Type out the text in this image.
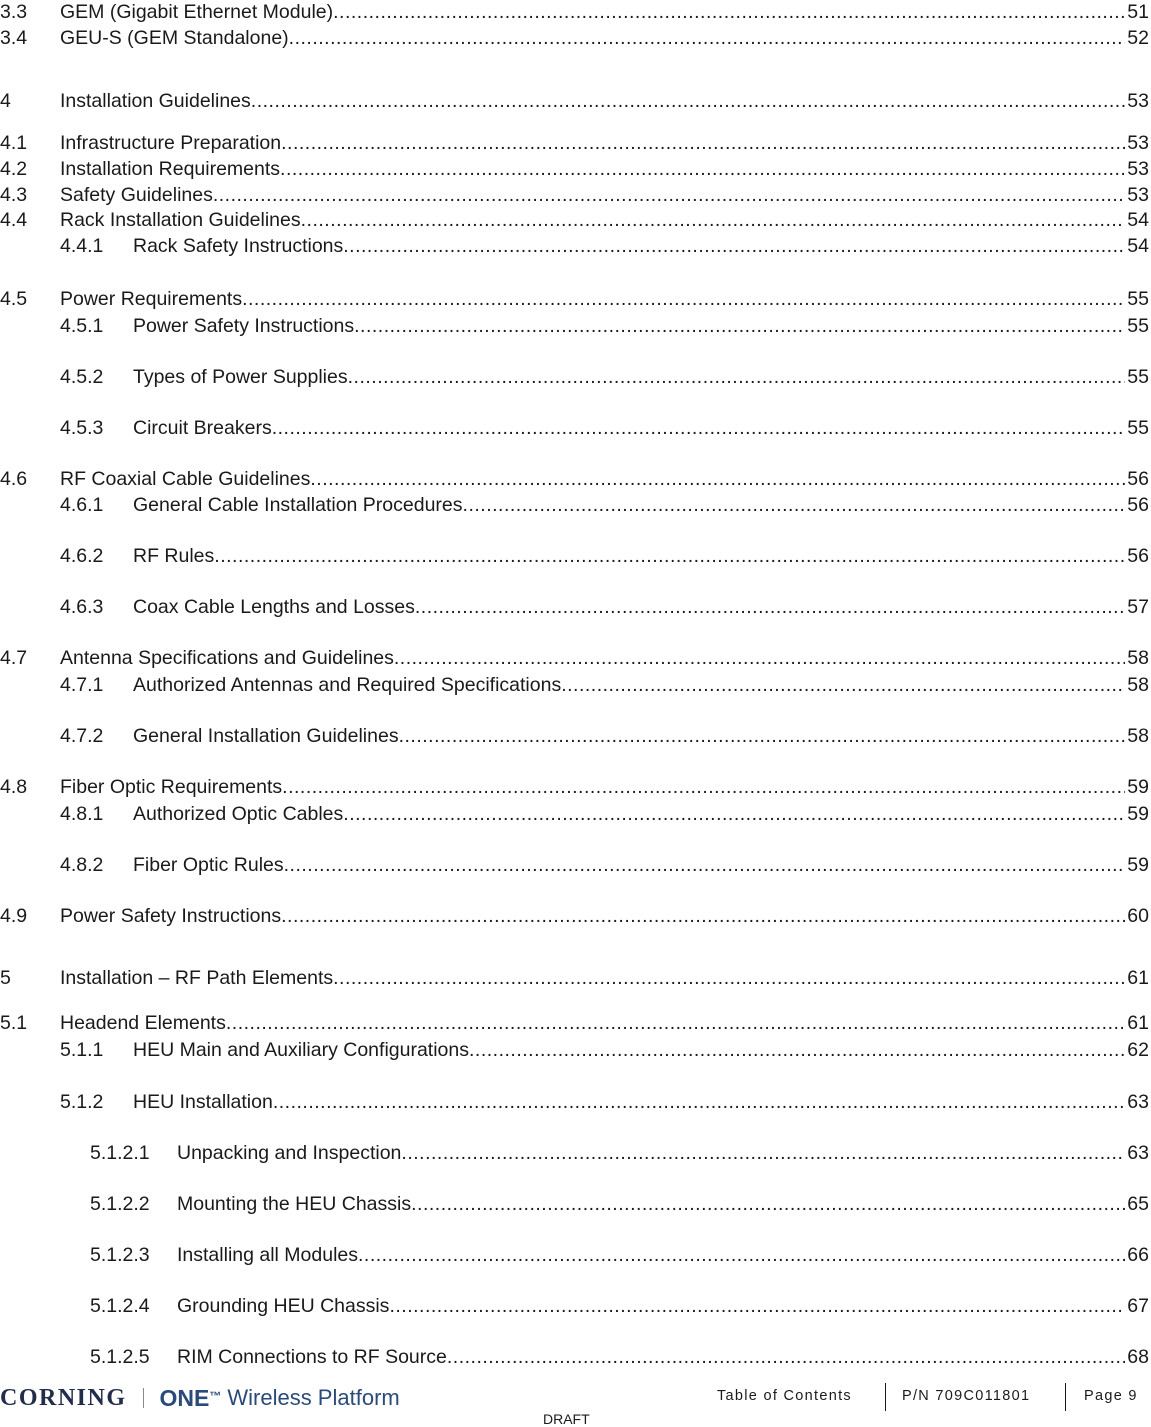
3.3 GEM (Gigabit Ethernet Module) .....	51
3.4 GEU-S (GEM Standalone) .....	52
4	Installation Guidelines .....	53
4.1 Infrastructure Preparation .....	53
4.2 Installation Requirements .....	53
4.3 Safety Guidelines .....	53
4.4 Rack Installation Guidelines .....	54
4.4.1 Rack Safety Instructions .....	54
4.5 Power Requirements .....	55
4.5.1 Power Safety Instructions .....	55
4.5.2 Types of Power Supplies .....	55
4.5.3 Circuit Breakers .....	55
4.6 RF Coaxial Cable Guidelines .....	56
4.6.1 General Cable Installation Procedures .....	56
4.6.2 RF Rules .....	56
4.6.3 Coax Cable Lengths and Losses .....	57
4.7 Antenna Specifications and Guidelines .....	58
4.7.1 Authorized Antennas and Required Specifications .....	58
4.7.2 General Installation Guidelines .....	58
4.8 Fiber Optic Requirements .....	59
4.8.1 Authorized Optic Cables .....	59
4.8.2 Fiber Optic Rules .....	59
4.9 Power Safety Instructions .....	60
5	Installation – RF Path Elements .....	61
5.1 Headend Elements .....	61
5.1.1 HEU Main and Auxiliary Configurations .....	62
5.1.2 HEU Installation .....	63
5.1.2.1 Unpacking and Inspection .....	63
5.1.2.2 Mounting the HEU Chassis .....	65
5.1.2.3 Installing all Modules .....	66
5.1.2.4 Grounding HEU Chassis .....	67
5.1.2.5 RIM Connections to RF Source .....	68
CORNING ONE ™ Wireless Platform	Table of Contents	P/N 709C011801	Page 9
DRAFT
